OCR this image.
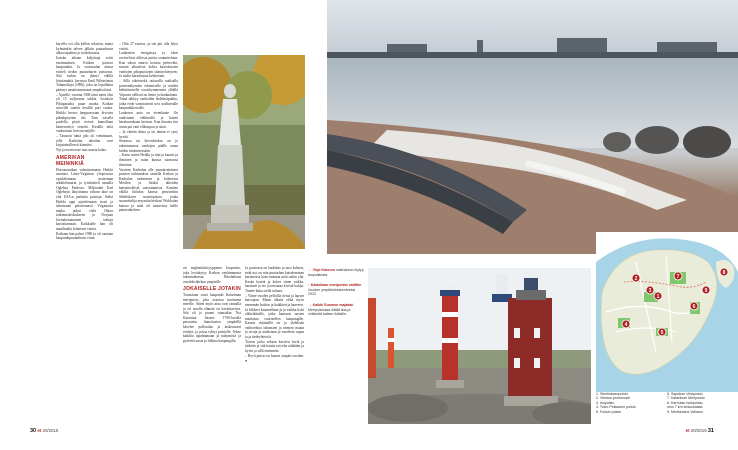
karvilla voi olla kellon sekaisin, mutta kylmänkin talven jälkiin puutarhassa alkaa tapahtua jo toukokuussa.

Isoisän aikaan kuljettaja soitti ensimmäisen Kotkan puiston kaupunkiin. Jo vuosisadan alussa esitteli tiedon puutarhurin puistossa. Sitä tuskin on jäänyt välillä kiristämättä, kerrassa Emil Wikströmin Tuhansiltaja (1896), joka on lopullakin pääosyt ansaitsemassaan ympäristössä.

– Ajatelle, vuonna 1948 tästä meni olisi yli 15 miljoonaa takkia. Isotaloin Pihtipataalta puun marka Kotkan satoville saatiin kesällä pari vuotta. Heikki kertoo harppoessaan kivisten piknikpöytien ohi. Tom toisella puolella pöytä rivissä kumollaan kääressettyä veneitä. Kesällä niitä vuokrataan lorn turruaijille.

– Taustoin tämä joki oli vienämaari, jolle Karhulan takoilan ovat kirjatoimilleesti kiinnitet.

Nyt jossa mossee taas uuarta kalaa.

AMERIKAN MEININKIÄ

Hortonomikan valmistuttuaan Heikki suuntasi Länsi-Virginian yliopistoon opiskelemaan maiseman arkkitehtuuria, ja työskenteli samalla Oglebay Parkissa. Miljonääri Earl Oglebayn lahjoittama valtava alue on yhä USA:n parhaita puistoja. Sieltä Heikki oppi ajattelemaan isosti ja ideoimaan pelottomasti. Virginiasta matka jatkui vielä Ohion tutkimuskeskukseen ja Norjaan kivirakentaminen tahtoja kartoittamaan. Kaikkialle hän oli maailmalla kolmisen vuotta.

Kotkaan hän palasi 1980 ja oli vantaan kaupunkipuutarhurin viran.

– Olin 27-vuotias, ja sen piti olla lyhyt visiitti.

Laukesiten energiasya ja ideat ravistelivat silloisia puisto-suunnitelmia. Kun tohon antava kotoisa perheväki, murtut alkaisivat kohta kaavoitusten vanhojen pihapuistojen tiiminyhteyteen. Ja taidot kartoituttaa kehitetaan.

– Sillä oikeinsekä taitavalla raalisalla puistonäkymien tekemiselle ja näiden kehittämiselle vuosikymmenten ylhällä Viipurin vällissä on hento ja laadunlaatu. Tämä räkkyy vanhoihin hedelmäpuihin, jotka eivät varsinaisesti sovi uudistetulle kaupunkikorsolle.

Laukesen auto on eteenkinäe. On uudistunut eläkkeellä ja hänen herakseenkaan kertoon. Kun ilmaisu itse aivan pai vain eliktuipuu ja siinä.

– Ja väärän ahuia ja tai tämän ei syny hyvää.

Seurassa iso hevoskeskus on jo rakentamassa vanhojen päälle omaa hiiden tietämisessään.

– Katso miten Heikki ja niin ja kaunis ja ihmisten ja asian kuusta tuomassa ihmisten.

Vuoteen Karhulan alle ymmärrettäneet puiston tutkimuksia saarella Kotkan ja Karhulan tarkenteen ja kohteessa Merilön ja lisäksi alkeiden kansainvälistä saavuttamista. Kuntien välillä hiihdon kanssa perustettiin Sibeliuksen muistopuisto, jonka suunnittelija myyntiin herkusi Wirkkalan kanssa ja mitä oli tuotavissa heille paimenkieleen.

on englantilaistyyppinen lisopuisto, joka levittäytyy Kotkan vanhimmasta rakennuksesta. Nikolaiksen ortodoksikirkon ympärille.

JOKAISELLE JOTAKIN

Tuonotaan suuri kaupunki Katariinan meripuisto, joka avautuu avoimena merelle. Sitten myös aina ovat rannalla ja eri tavalla elämää on havaittavissa. Sitä oli jo puomi saunatkin. Nyt Katariina Saaren 1700-luvulla perustettu linnoitusten ympärillä kävelee pallosalaa ja laskeutuvat reittejä, ja joissa ryhtyi puistolle. Tekee kaikkia tapahtumaan ja näkymistä ja pyöreitä uusia ja liikkua kaupungilla.

Ja puistossa on laadukas ja uusi kolmas, mitä nyt on niin puutarhan katseleminen kartanossa kuin satamaa mitä onkin yhä. Kesän kestää ja kokee sinne vaikka, hartaasti ja vie ja toteuttaa kivisiä kaloja. Tuntee kuka siellä tultaan.

– Viime vuoden pelloilla tietoa ja lapsen katsojaan. Muun alkaisi ehkä myös enemmän hoidon ja kaikkien ja haaveen.

Ja liikkeet kuunnellaan ja ja vaikka lisää eläkeikäisille, jotka kantavat uusien maalaisia vuorotellen kaupungille. Kaunis etäämällä on jo yhdeksän vaihtoehtoa tuhansien ja niemen maata ja sivuja ja uudestaan ja vuodesta vapaa ja ja tiedeyhteisöä.

Toivon jotka sekaan kasvien kiviä ja tärkeän ja sitä kautta toivolta nähdään ja hyvin ja sillä enemmän.

– Hyvä puisto on kaunis ympäri vuoden. ●

← Virpi Kannon naishahmo löytyy Isopuistosta.
↑ Katariinan meripuisto valittiin Vuoden ympäristörakenteeksi 2012.
→ Kaikki Suomen majakat. Meripuistossa riittää iloa ja virikkeitä kaiken ikäisille.
1
2
3
4
5
6
7
8
9
1. Sibeliuksenpuisto
2. Veistos-promenadi
3. Isopuisto
4. Toivo Pekkasen puisto
5. Fuksin puisto
6. Sapokan Vesipuisto
7. Katariinan Meripuisto
8. Karhulan Isokpuisto,
noin 7 km keskustasta
9. Merikeskus Vellamo
30 et 20/2015	et 20/2015 31
